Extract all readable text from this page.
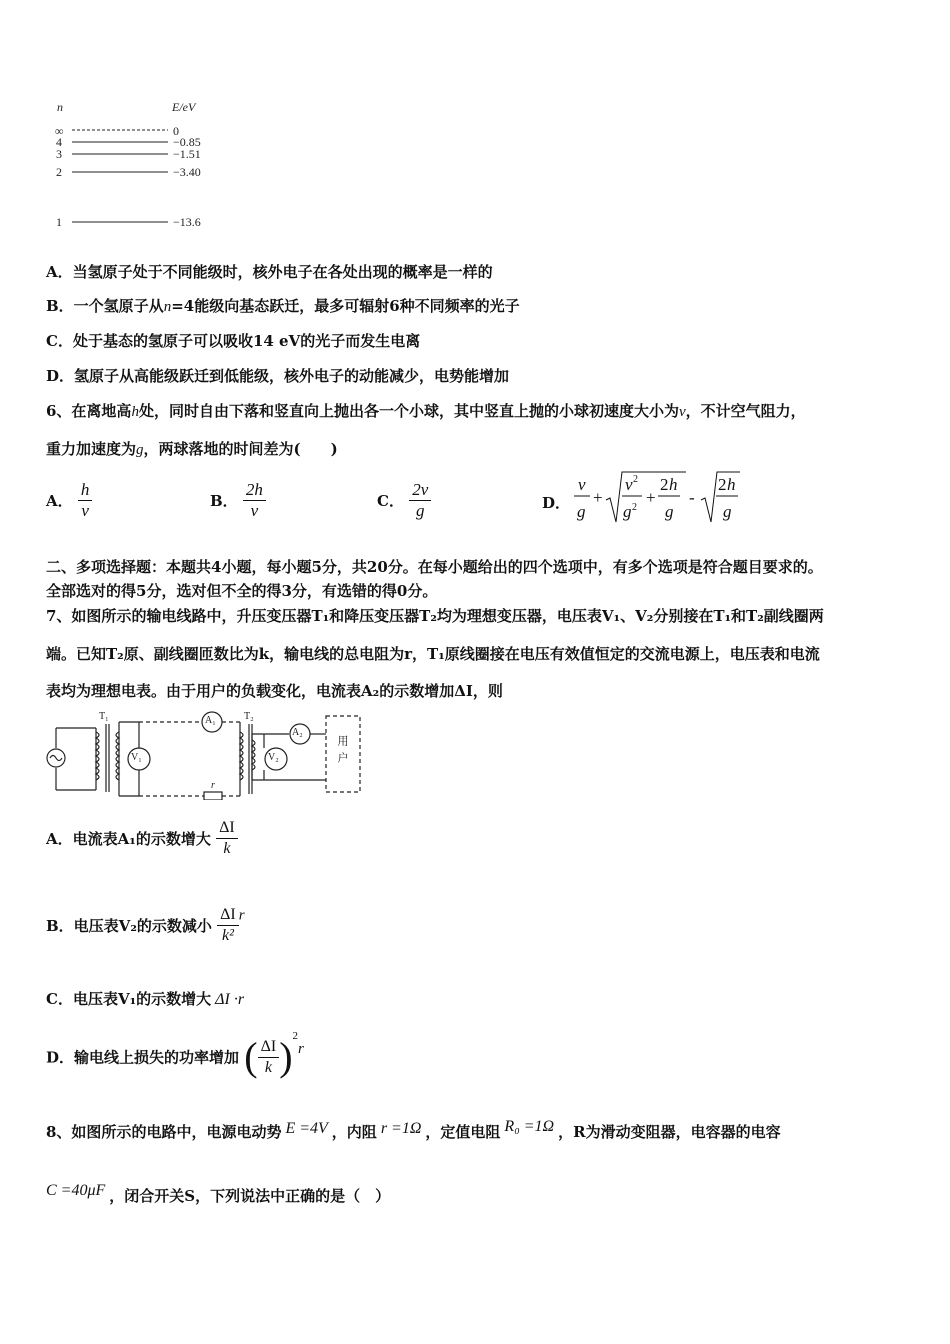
n	E/eV
∞	0
4	−0.85
3	−1.51
2	−3.40
1	−13.6
A．当氢原子处于不同能级时，核外电子在各处出现的概率是一样的
B．一个氢原子从n=4能级向基态跃迁，最多可辐射6种不同频率的光子
C．处于基态的氢原子可以吸收14 eV的光子而发生电离
D．氢原子从高能级跃迁到低能级，核外电子的动能减少，电势能增加
6、在离地高h处，同时自由下落和竖直向上抛出各一个小球，其中竖直上抛的小球初速度大小为v，不计空气阻力，
重力加速度为g，两球落地的时间差为(　　)
A． $\frac{h}{v}$	B． $\frac{2h}{v}$	C． $\frac{2v}{g}$	D．
v
g
+
v 2
g 2
+
2 h
g
-
2 h
g
二、多项选择题：本题共4小题，每小题5分，共20分。在每小题给出的四个选项中，有多个选项是符合题目要求的。
全部选对的得5分，选对但不全的得3分，有选错的得0分。
7、如图所示的输电线路中，升压变压器T₁和降压变压器T₂均为理想变压器，电压表V₁、V₂分别接在T₁和T₂副线圈两
端。已知T₂原、副线圈匝数比为k，输电线的总电阻为r，T₁原线圈接在电压有效值恒定的交流电源上，电压表和电流
表均为理想电表。由于用户的负载变化，电流表A₂的示数增加ΔI，则
T₁	T₂
A₁
A₂
V₁	V₂
r
用户
A．电流表A₁的示数增大 $\frac{\Delta I}{k}$
B．电压表V₂的示数减小 $\frac{\Delta I}{\text{k²}}$ r
C．电压表V₁的示数增大 ΔI ·r
D．输电线上损失的功率增加 ( $\frac{\Delta I}{k} )^2r$
8、如图所示的电路中，电源电动势 E =4V ，内阻 r =1Ω ，定值电阻 R₀ =1Ω ，R为滑动变阻器，电容器的电容
C =40μF ，闭合开关S，下列说法中正确的是（　）
